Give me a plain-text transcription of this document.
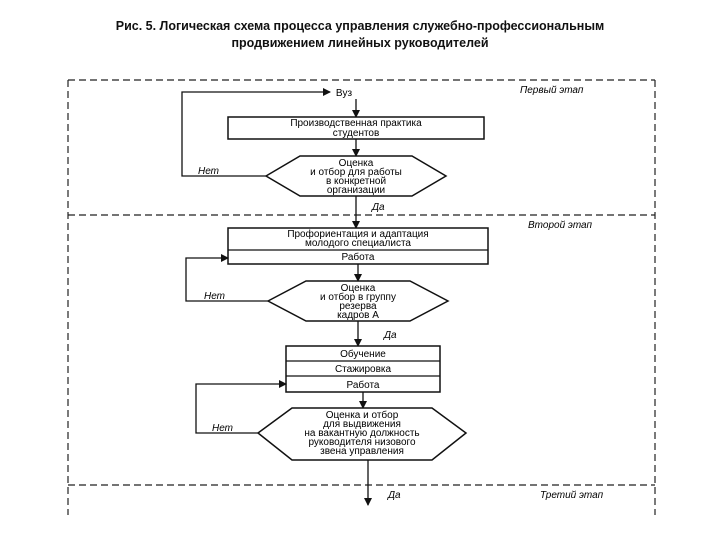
Рис. 5. Логическая схема процесса управления служебно-профессиональным
продвижением линейных руководителей
Первый этап
Второй этап
Третий этап
Вуз
Производственная практика
студентов
Оценка
и отбор для работы
в конкретной
организации
Нет
Да
Профориентация и адаптация
молодого специалиста
Работа
Оценка
и отбор в группу
резерва
кадров А
Нет
Да
Обучение
Стажировка
Работа
Оценка и отбор
для выдвижения
на вакантную должность
руководителя низового
звена управления
Нет
Да
